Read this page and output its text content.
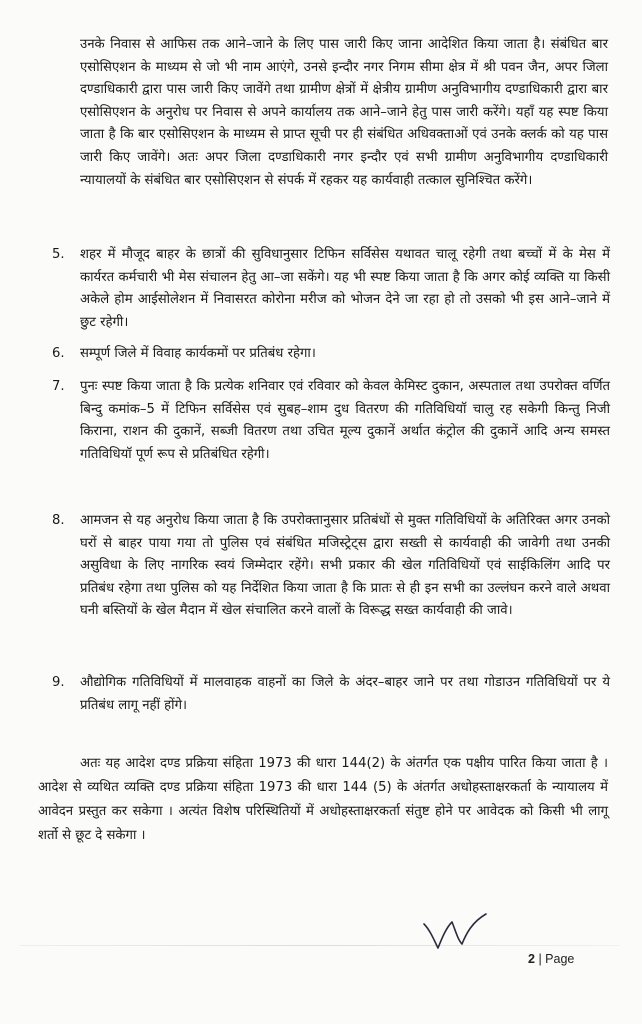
उनके निवास से आफिस तक आने–जाने के लिए पास जारी किए जाना आदेशित किया जाता है। संबंधित बार एसोसिएशन के माध्यम से जो भी नाम आएंगे, उनसे इन्दौर नगर निगम सीमा क्षेत्र में श्री पवन जैन, अपर जिला दण्डाधिकारी द्वारा पास जारी किए जावेंगे तथा ग्रामीण क्षेत्रों में क्षेत्रीय ग्रामीण अनुविभागीय दण्डाधिकारी द्वारा बार एसोसिएशन के अनुरोध पर निवास से अपने कार्यालय तक आने–जाने हेतु पास जारी करेंगे। यहाँ यह स्पष्ट किया जाता है कि बार एसोसिएशन के माध्यम से प्राप्त सूची पर ही संबंधित अधिवक्ताओं एवं उनके क्लर्क को यह पास जारी किए जावेंगे। अतः अपर जिला दण्डाधिकारी नगर इन्दौर एवं सभी ग्रामीण अनुविभागीय दण्डाधिकारी न्यायालयों के संबंधित बार एसोसिएशन से संपर्क में रहकर यह कार्यवाही तत्काल सुनिश्चित करेंगे।

5.	शहर में मौजूद बाहर के छात्रों की सुविधानुसार टिफिन सर्विसेस यथावत चालू रहेगी तथा बच्चों में के मेस में कार्यरत कर्मचारी भी मेस संचालन हेतु आ–जा सकेंगे। यह भी स्पष्ट किया जाता है कि अगर कोई व्यक्ति या किसी अकेले होम आईसोलेशन में निवासरत कोरोना मरीज को भोजन देने जा रहा हो तो उसको भी इस आने–जाने में छुट रहेगी।

6.	सम्पूर्ण जिले में विवाह कार्यकमों पर प्रतिबंध रहेगा।

7.	पुनः स्पष्ट किया जाता है कि प्रत्येक शनिवार एवं रविवार को केवल केमिस्ट दुकान, अस्पताल तथा उपरोक्त वर्णित बिन्दु कमांक–5 में टिफिन सर्विसेस एवं सुबह–शाम दुध वितरण की गतिविधियॉ चालु रह सकेगी किन्तु निजी किराना, राशन की दुकानें, सब्जी वितरण तथा उचित मूल्य दुकानें अर्थात कंट्रोल की दुकानें आदि अन्य समस्त गतिविधियॉ पूर्ण रूप से प्रतिबंधित रहेगी।

8.	आमजन से यह अनुरोध किया जाता है कि उपरोक्तानुसार प्रतिबंधों से मुक्त गतिविधियों के अतिरिक्त अगर उनको घरों से बाहर पाया गया तो पुलिस एवं संबंधित मजिस्ट्रेट्स द्वारा सख्ती से कार्यवाही की जावेगी तथा उनकी असुविधा के लिए नागरिक स्वयं जिम्मेदार रहेंगे। सभी प्रकार की खेल गतिविधियों एवं साईकिलिंग आदि पर प्रतिबंध रहेगा तथा पुलिस को यह निर्देशित किया जाता है कि प्रातः से ही इन सभी का उल्लंघन करने वाले अथवा घनी बस्तियों के खेल मैदान में खेल संचालित करने वालों के विरूद्ध सख्त कार्यवाही की जावे।

9.	औद्योगिक गतिविधियों में मालवाहक वाहनों का जिले के अंदर–बाहर जाने पर तथा गोडाउन गतिविधियों पर ये प्रतिबंध लागू नहीं होंगे।

अतः यह आदेश दण्ड प्रक्रिया संहिता 1973 की धारा 144(2) के अंतर्गत एक पक्षीय पारित किया जाता है । आदेश से व्यथित व्यक्ति दण्ड प्रक्रिया संहिता 1973 की धारा 144 (5) के अंतर्गत अधोहस्ताक्षरकर्ता के न्यायालय में आवेदन प्रस्तुत कर सकेगा । अत्यंत विशेष परिस्थितियों में अधोहस्ताक्षरकर्ता संतुष्ट होने पर आवेदक को किसी भी लागू शर्तो से छूट दे सकेगा ।

2 | Page
